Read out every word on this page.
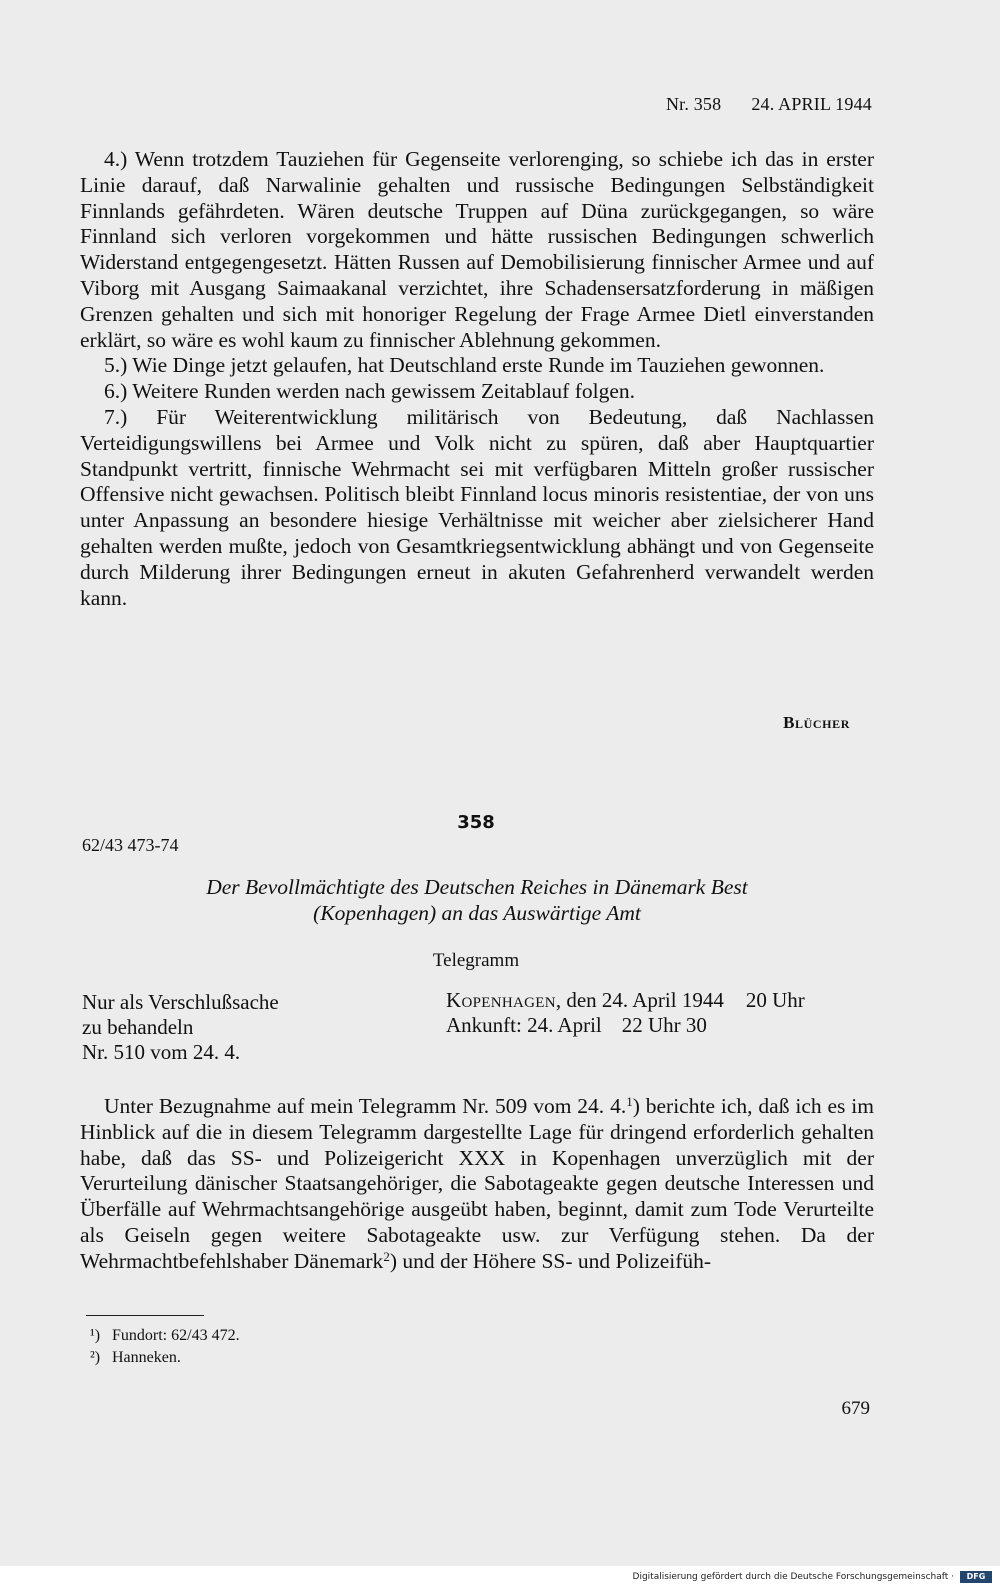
Nr. 358 24. APRIL 1944

4.) Wenn trotzdem Tauziehen für Gegenseite verlorenging, so schiebe ich das in erster Linie darauf, daß Narwalinie gehalten und russische Bedingungen Selbständigkeit Finnlands gefährdeten. Wären deutsche Truppen auf Düna zurückgegangen, so wäre Finnland sich verloren vorgekommen und hätte russischen Bedingungen schwerlich Widerstand entgegengesetzt. Hätten Russen auf Demobilisierung finnischer Armee und auf Viborg mit Ausgang Saimaakanal verzichtet, ihre Schadensersatzforderung in mäßigen Grenzen gehalten und sich mit honoriger Regelung der Frage Armee Dietl einverstanden erklärt, so wäre es wohl kaum zu finnischer Ablehnung gekommen.

5.) Wie Dinge jetzt gelaufen, hat Deutschland erste Runde im Tauziehen gewonnen.

6.) Weitere Runden werden nach gewissem Zeitablauf folgen.

7.) Für Weiterentwicklung militärisch von Bedeutung, daß Nachlassen Verteidigungswillens bei Armee und Volk nicht zu spüren, daß aber Hauptquartier Standpunkt vertritt, finnische Wehrmacht sei mit verfügbaren Mitteln großer russischer Offensive nicht gewachsen. Politisch bleibt Finnland locus minoris resistentiae, der von uns unter Anpassung an besondere hiesige Verhältnisse mit weicher aber zielsicherer Hand gehalten werden mußte, jedoch von Gesamtkriegsentwicklung abhängt und von Gegenseite durch Milderung ihrer Bedingungen erneut in akuten Gefahrenherd verwandelt werden kann.

Blücher
358
62/43 473-74
Der Bevollmächtigte des Deutschen Reiches in Dänemark Best
(Kopenhagen) an das Auswärtige Amt
Telegramm
Nur als Verschlußsache
zu behandeln
Nr. 510 vom 24. 4.
Kopenhagen, den 24. April 1944 20 Uhr
Ankunft: 24. April 22 Uhr 30

Unter Bezugnahme auf mein Telegramm Nr. 509 vom 24. 4.$^1$) berichte ich, daß ich es im Hinblick auf die in diesem Telegramm dargestellte Lage für dringend erforderlich gehalten habe, daß das SS- und Polizeigericht XXX in Kopenhagen unverzüglich mit der Verurteilung dänischer Staatsangehöriger, die Sabotageakte gegen deutsche Interessen und Überfälle auf Wehrmachtsangehörige ausgeübt haben, beginnt, damit zum Tode Verurteilte als Geiseln gegen weitere Sabotageakte usw. zur Verfügung stehen. Da der Wehrmachtbefehlshaber Dänemark$^2$) und der Höhere SS- und Polizeifüh-

¹) Fundort: 62/43 472.
²) Hanneken.
679
Digitalisierung gefördert durch die Deutsche Forschungsgemeinschaft ·	DFG
